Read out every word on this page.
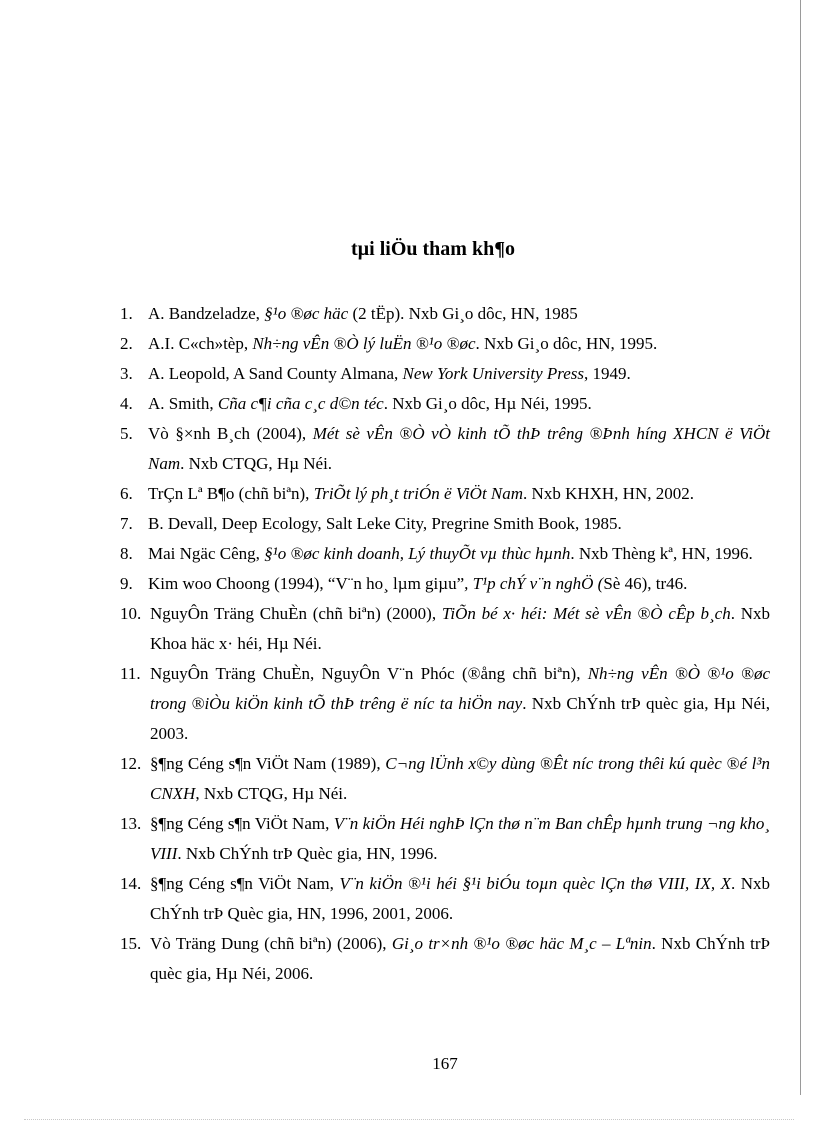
tµi liÖu tham kh¶o
1. A. Bandzeladze, §¹o ®øc häc (2 tËp). Nxb Gi¸o dôc, HN, 1985
2. A.I. C«ch»tèp, Nh÷ng vÊn ®Ò lý luËn ®¹o ®øc. Nxb Gi¸o dôc, HN, 1995.
3. A. Leopold, A Sand County Almana, New York University Press, 1949.
4. A. Smith, Cña c¶i cña c¸c d©n téc. Nxb Gi¸o dôc, Hµ Néi, 1995.
5. Vò §×nh B¸ch (2004), Mét sè vÊn ®Ò vÒ kinh tÕ thÞ trêng ®Þnh híng XHCN ë ViÖt Nam. Nxb CTQG, Hµ Néi.
6. TrÇn Lª B¶o (chñ biªn), TriÕt lý ph¸t triÓn ë ViÖt Nam. Nxb KHXH, HN, 2002.
7. B. Devall, Deep Ecology, Salt Leke City, Pregrine Smith Book, 1985.
8. Mai Ngäc Cêng, §¹o ®øc kinh doanh, Lý thuyÕt vµ thùc hµnh. Nxb Thèng kª, HN, 1996.
9. Kim woo Choong (1994), “V¨n ho¸ lµm giµu”, T¹p chÝ v¨n nghÖ (Sè 46), tr46.
10. NguyÔn Träng ChuÈn (chñ biªn) (2000), TiÕn bé x· héi: Mét sè vÊn ®Ò cÊp b¸ch. Nxb Khoa häc x· héi, Hµ Néi.
11. NguyÔn Träng ChuÈn, NguyÔn V¨n Phóc (®ång chñ biªn), Nh÷ng vÊn ®Ò ®¹o ®øc trong ®iÒu kiÖn kinh tÕ thÞ trêng ë níc ta hiÖn nay. Nxb ChÝnh trÞ quèc gia, Hµ Néi, 2003.
12. §¶ng Céng s¶n ViÖt Nam (1989), C¬ng lÜnh x©y dùng ®Êt níc trong thêi kú quèc ®é l³n CNXH, Nxb CTQG, Hµ Néi.
13. §¶ng Céng s¶n ViÖt Nam, V¨n kiÖn Héi nghÞ lÇn thø n¨m Ban chÊp hµnh trung ¬ng kho¸ VIII. Nxb ChÝnh trÞ Quèc gia, HN, 1996.
14. §¶ng Céng s¶n ViÖt Nam, V¨n kiÖn ®¹i héi §¹i biÓu toµn quèc lÇn thø VIII, IX, X. Nxb ChÝnh trÞ Quèc gia, HN, 1996, 2001, 2006.
15. Vò Träng Dung (chñ biªn) (2006), Gi¸o tr×nh ®¹o ®øc häc M¸c – Lªnin. Nxb ChÝnh trÞ quèc gia, Hµ Néi, 2006.
167
